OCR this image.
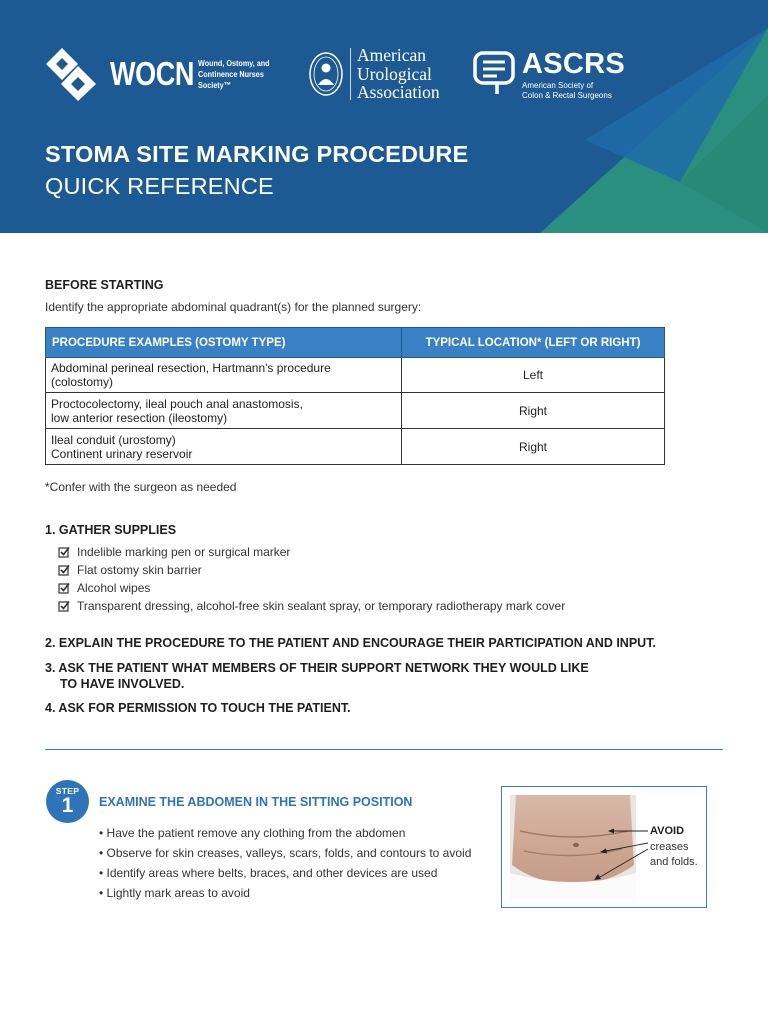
WOCN Wound, Ostomy, and
Continence Nurses Society™
American
Urological
Association
ASCRS
American Society of
Colon & Rectal Surgeons
STOMA SITE MARKING PROCEDURE
QUICK REFERENCE
BEFORE STARTING
Identify the appropriate abdominal quadrant(s) for the planned surgery:
PROCEDURE EXAMPLES (OSTOMY TYPE)	TYPICAL LOCATION* (LEFT OR RIGHT)
Abdominal perineal resection, Hartmann's procedure (colostomy)	Left
Proctocolectomy, ileal pouch anal anastomosis,
low anterior resection (ileostomy)	Right
Ileal conduit (urostomy)
Continent urinary reservoir	Right
*Confer with the surgeon as needed
1. GATHER SUPPLIES
Indelible marking pen or surgical marker
Flat ostomy skin barrier
Alcohol wipes
Transparent dressing, alcohol-free skin sealant spray, or temporary radiotherapy mark cover
2. EXPLAIN THE PROCEDURE TO THE PATIENT AND ENCOURAGE THEIR PARTICIPATION AND INPUT.
3. ASK THE PATIENT WHAT MEMBERS OF THEIR SUPPORT NETWORK THEY WOULD LIKE
TO HAVE INVOLVED.
4. ASK FOR PERMISSION TO TOUCH THE PATIENT.
STEP
1	EXAMINE THE ABDOMEN IN THE SITTING POSITION
• Have the patient remove any clothing from the abdomen
• Observe for skin creases, valleys, scars, folds, and contours to avoid
• Identify areas where belts, braces, and other devices are used
• Lightly mark areas to avoid
AVOID
creases
and folds.
